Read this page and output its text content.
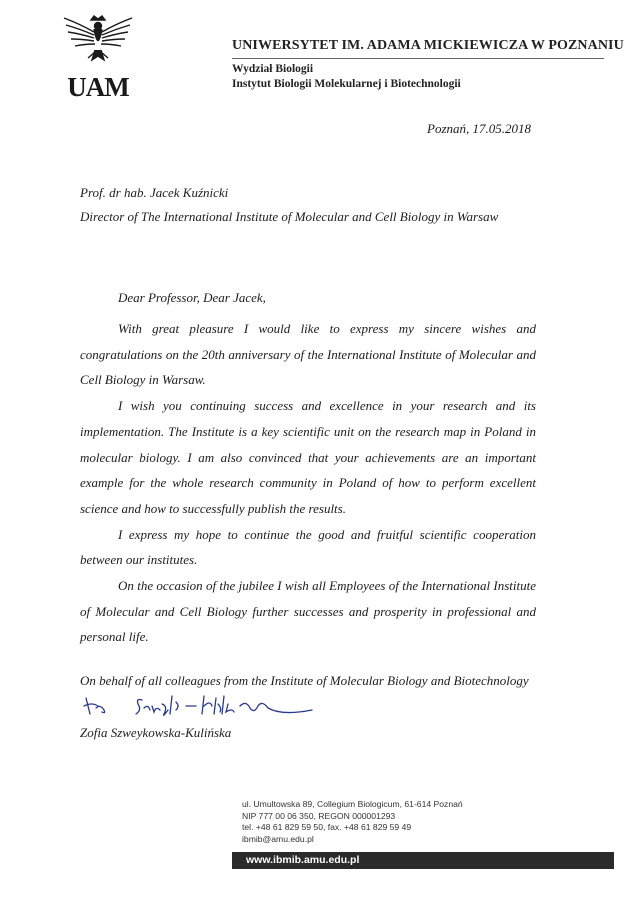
UAM
UNIWERSYTET IM. ADAMA MICKIEWICZA W POZNANIU
Wydział Biologii
Instytut Biologii Molekularnej i Biotechnologii
Poznań, 17.05.2018
Prof. dr hab. Jacek Kuźnicki
Director of The International Institute of Molecular and Cell Biology in Warsaw
Dear Professor, Dear Jacek,

With great pleasure I would like to express my sincere wishes and congratulations on the 20th anniversary of the International Institute of Molecular and Cell Biology in Warsaw.

I wish you continuing success and excellence in your research and its implementation. The Institute is a key scientific unit on the research map in Poland in molecular biology. I am also convinced that your achievements are an important example for the whole research community in Poland of how to perform excellent science and how to successfully publish the results.

I express my hope to continue the good and fruitful scientific cooperation between our institutes.

On the occasion of the jubilee I wish all Employees of the International Institute of Molecular and Cell Biology further successes and prosperity in professional and personal life.

On behalf of all colleagues from the Institute of Molecular Biology and Biotechnology
Zofia Szweykowska-Kulińska
ul. Umultowska 89, Collegium Biologicum, 61-614 Poznań
NIP 777 00 06 350, REGON 000001293
tel. +48 61 829 59 50, fax. +48 61 829 59 49
ibmib@amu.edu.pl
www.ibmib.amu.edu.pl
